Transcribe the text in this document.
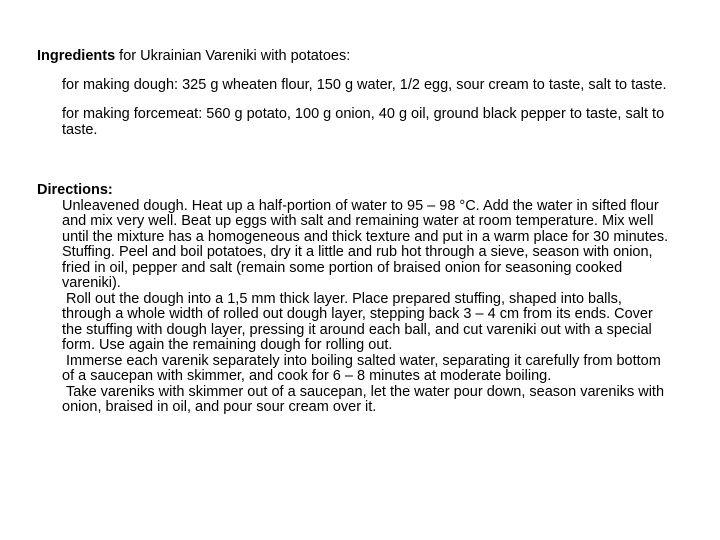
Ingredients for Ukrainian Vareniki with potatoes:
for making dough: 325 g wheaten flour, 150 g water, 1/2 egg, sour cream to taste, salt to taste.
for making forcemeat: 560 g potato, 100 g onion, 40 g oil, ground black pepper to taste, salt to taste.
Directions:

Unleavened dough. Heat up a half-portion of water to 95 – 98 °C. Add the water in sifted flour and mix very well. Beat up eggs with salt and remaining water at room temperature. Mix well until the mixture has a homogeneous and thick texture and put in a warm place for 30 minutes.

Stuffing. Peel and boil potatoes, dry it a little and rub hot through a sieve, season with onion, fried in oil, pepper and salt (remain some portion of braised onion for seasoning cooked vareniki).

Roll out the dough into a 1,5 mm thick layer. Place prepared stuffing, shaped into balls, through a whole width of rolled out dough layer, stepping back 3 – 4 cm from its ends. Cover the stuffing with dough layer, pressing it around each ball, and cut vareniki out with a special form. Use again the remaining dough for rolling out.

Immerse each varenik separately into boiling salted water, separating it carefully from bottom of a saucepan with skimmer, and cook for 6 – 8 minutes at moderate boiling.

Take vareniks with skimmer out of a saucepan, let the water pour down, season vareniks with onion, braised in oil, and pour sour cream over it.
